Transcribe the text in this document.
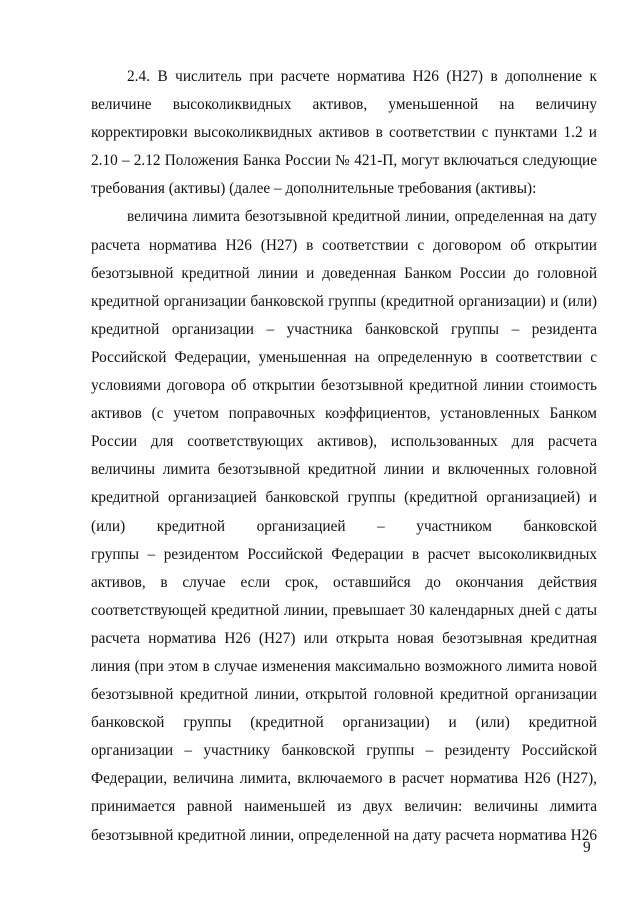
2.4. В числитель при расчете норматива Н26 (Н27) в дополнение к
величине высоколиквидных активов, уменьшенной на величину
корректировки высоколиквидных активов в соответствии с пунктами 1.2 и
2.10 – 2.12 Положения Банка России № 421-П, могут включаться следующие
требования (активы) (далее – дополнительные требования (активы):
величина лимита безотзывной кредитной линии, определенная на дату
расчета норматива Н26 (Н27) в соответствии с договором об открытии
безотзывной кредитной линии и доведенная Банком России до головной
кредитной организации банковской группы (кредитной организации) и (или)
кредитной организации – участника банковской группы – резидента
Российской Федерации, уменьшенная на определенную в соответствии с
условиями договора об открытии безотзывной кредитной линии стоимость
активов (с учетом поправочных коэффициентов, установленных Банком
России для соответствующих активов), использованных для расчета
величины лимита безотзывной кредитной линии и включенных головной
кредитной организацией банковской группы (кредитной организацией) и
(или) кредитной организацией – участником банковской
группы – резидентом Российской Федерации в расчет высоколиквидных
активов, в случае если срок, оставшийся до окончания действия
соответствующей кредитной линии, превышает 30 календарных дней с даты
расчета норматива Н26 (Н27) или открыта новая безотзывная кредитная
линия (при этом в случае изменения максимально возможного лимита новой
безотзывной кредитной линии, открытой головной кредитной организации
банковской группы (кредитной организации) и (или) кредитной
организации – участнику банковской группы – резиденту Российской
Федерации, величина лимита, включаемого в расчет норматива Н26 (Н27),
принимается равной наименьшей из двух величин: величины лимита
безотзывной кредитной линии, определенной на дату расчета норматива Н26
9
